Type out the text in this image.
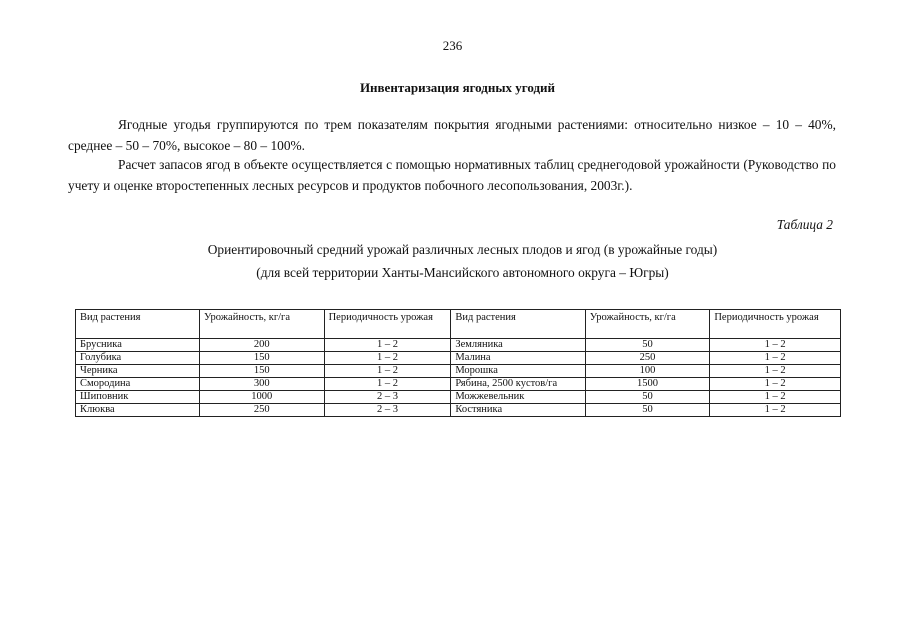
236
Инвентаризация ягодных угодий

Ягодные угодья группируются по трем показателям покрытия ягодными растениями: относительно низкое – 10 – 40%, среднее – 50 – 70%, высокое – 80 – 100%.

Расчет запасов ягод в объекте осуществляется с помощью нормативных таблиц среднегодовой урожайности (Руководство по учету и оценке второстепенных лесных ресурсов и продуктов побочного лесопользования, 2003г.).

Таблица 2
Ориентировочный средний урожай различных лесных плодов и ягод (в урожайные годы)
(для всей территории Ханты-Мансийского автономного округа – Югры)
Вид растения	Урожайность, кг/га	Периодичность урожая	Вид растения	Урожайность, кг/га	Периодичность урожая
Брусника	200	1 – 2	Земляника	50	1 – 2
Голубика	150	1 – 2	Малина	250	1 – 2
Черника	150	1 – 2	Морошка	100	1 – 2
Смородина	300	1 – 2	Рябина, 2500 кустов/га	1500	1 – 2
Шиповник	1000	2 – 3	Можжевельник	50	1 – 2
Клюква	250	2 – 3	Костяника	50	1 – 2
